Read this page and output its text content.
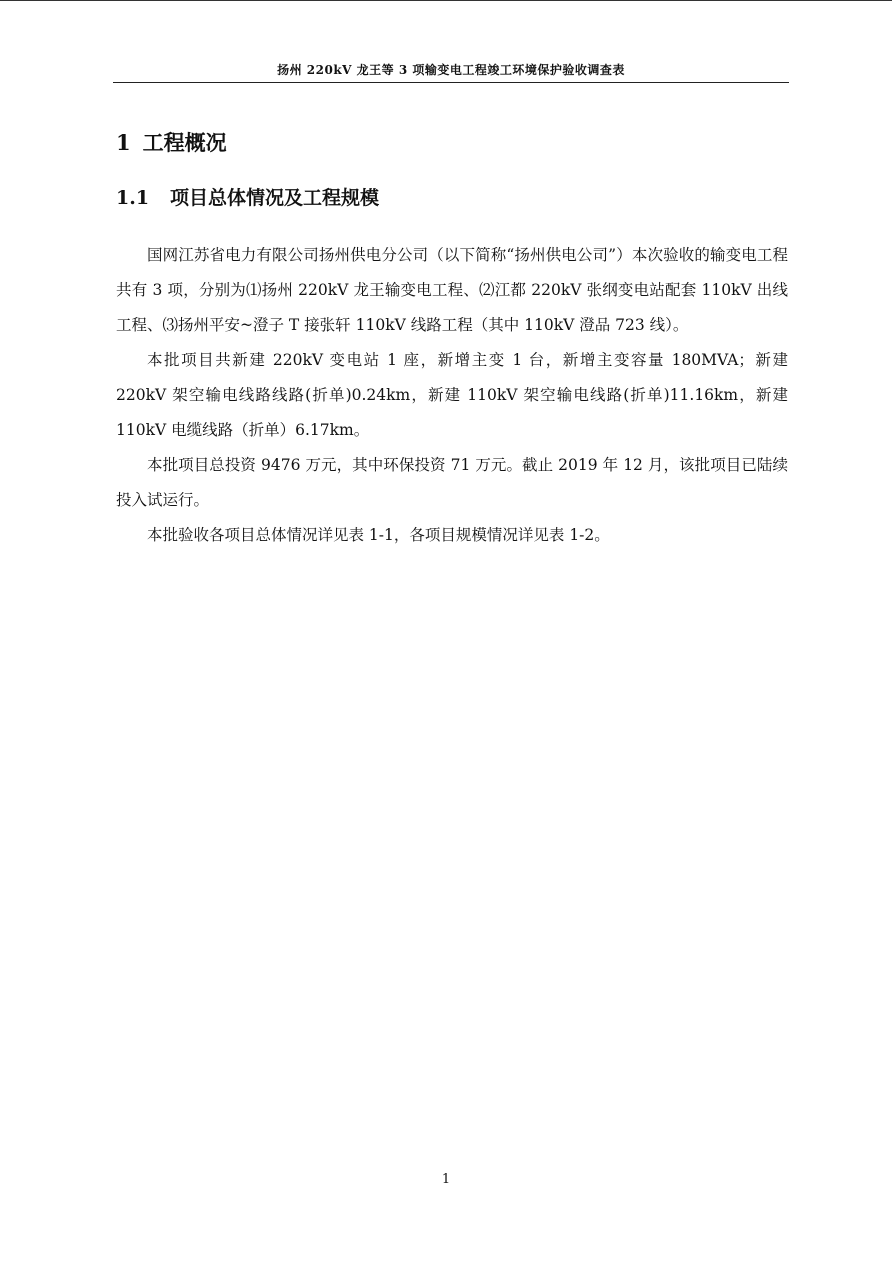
扬州 220kV 龙王等 3 项输变电工程竣工环境保护验收调查表
1 工程概况
1.1 项目总体情况及工程规模

国网江苏省电力有限公司扬州供电分公司（以下简称“扬州供电公司”）本次验收的输变电工程共有 3 项，分别为⑴扬州 220kV 龙王输变电工程、⑵江都 220kV 张纲变电站配套 110kV 出线工程、⑶扬州平安~澄子 T 接张轩 110kV 线路工程（其中 110kV 澄品 723 线）。

本批项目共新建 220kV 变电站 1 座，新增主变 1 台，新增主变容量 180MVA；新建 220kV 架空输电线路线路(折单)0.24km，新建 110kV 架空输电线路(折单)11.16km，新建 110kV 电缆线路（折单）6.17km。

本批项目总投资 9476 万元，其中环保投资 71 万元。截止 2019 年 12 月，该批项目已陆续投入试运行。

本批验收各项目总体情况详见表 1-1，各项目规模情况详见表 1-2。

1
